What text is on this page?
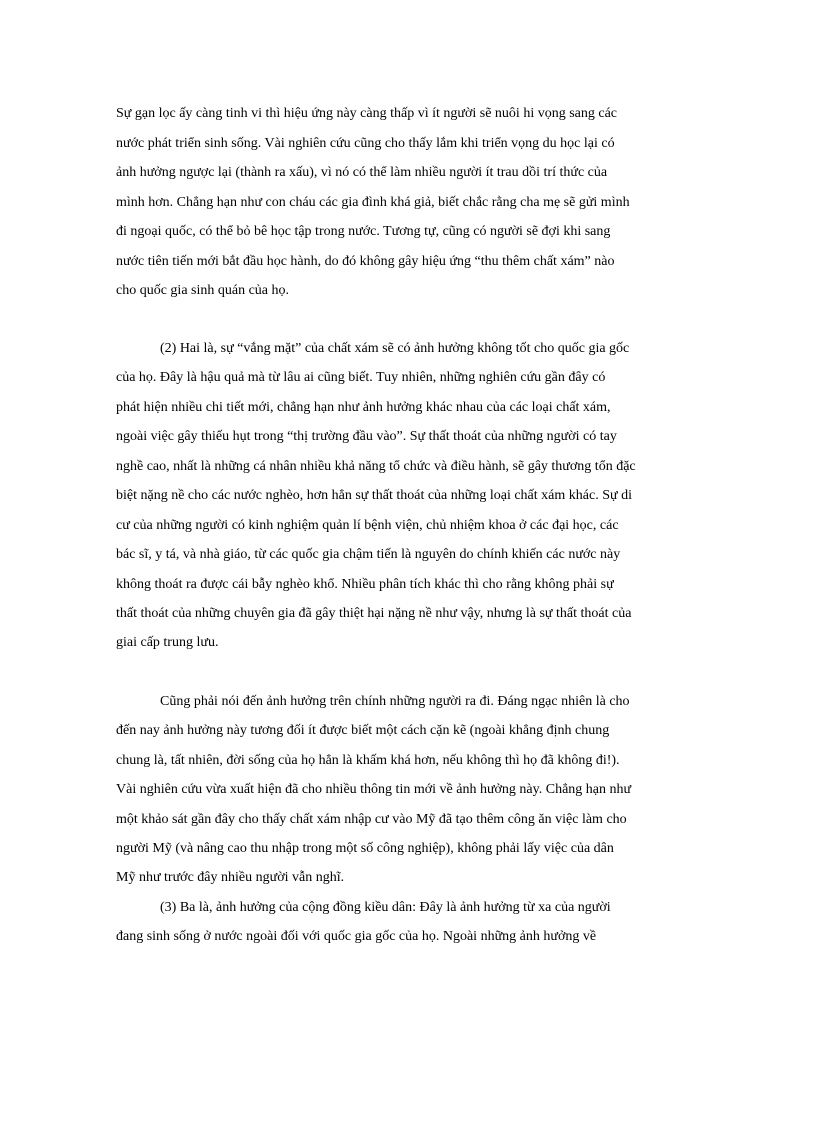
Sự gạn lọc ấy càng tinh vi thì hiệu ứng này càng thấp vì ít người sẽ nuôi hi vọng sang các
nước phát triển sinh sống. Vài nghiên cứu cũng cho thấy lắm khi triển vọng du học lại có
ảnh hưởng ngược lại (thành ra xấu), vì nó có thể làm nhiều người ít trau dồi trí thức của
mình hơn. Chẳng hạn như con cháu các gia đình khá giả, biết chắc rằng cha mẹ sẽ gửi mình
đi ngoại quốc, có thể bỏ bê học tập trong nước. Tương tự, cũng có người sẽ đợi khi sang
nước tiên tiến mới bắt đầu học hành, do đó không gây hiệu ứng “thu thêm chất xám” nào
cho quốc gia sinh quán của họ.
(2) Hai là, sự “vắng mặt” của chất xám sẽ có ảnh hưởng không tốt cho quốc gia gốc
của họ. Đây là hậu quả mà từ lâu ai cũng biết. Tuy nhiên, những nghiên cứu gần đây có
phát hiện nhiều chi tiết mới, chẳng hạn như ảnh hưởng khác nhau của các loại chất xám,
ngoài việc gây thiếu hụt trong “thị trường đầu vào”. Sự thất thoát của những người có tay
nghề cao, nhất là những cá nhân nhiều khả năng tổ chức và điều hành, sẽ gây thương tổn đặc
biệt nặng nề cho các nước nghèo, hơn hẳn sự thất thoát của những loại chất xám khác. Sự di
cư của những người có kinh nghiệm quản lí bệnh viện, chủ nhiệm khoa ở các đại học, các
bác sĩ, y tá, và nhà giáo, từ các quốc gia chậm tiến là nguyên do chính khiến các nước này
không thoát ra được cái bẫy nghèo khổ. Nhiều phân tích khác thì cho rằng không phải sự
thất thoát của những chuyên gia đã gây thiệt hại nặng nề như vậy, nhưng là sự thất thoát của
giai cấp trung lưu.
Cũng phải nói đến ảnh hưởng trên chính những người ra đi. Đáng ngạc nhiên là cho
đến nay ảnh hưởng này tương đối ít được biết một cách cặn kẽ (ngoài khẳng định chung
chung là, tất nhiên, đời sống của họ hẳn là khấm khá hơn, nếu không thì họ đã không đi!).
Vài nghiên cứu vừa xuất hiện đã cho nhiều thông tin mới về ảnh hưởng này. Chẳng hạn như
một khảo sát gần đây cho thấy chất xám nhập cư vào Mỹ đã tạo thêm công ăn việc làm cho
người Mỹ (và nâng cao thu nhập trong một số công nghiệp), không phải lấy việc của dân
Mỹ như trước đây nhiều người vẫn nghĩ.
(3) Ba là, ảnh hưởng của cộng đồng kiều dân: Đây là ảnh hưởng từ xa của người
đang sinh sống ở nước ngoài đối với quốc gia gốc của họ. Ngoài những ảnh hưởng về
